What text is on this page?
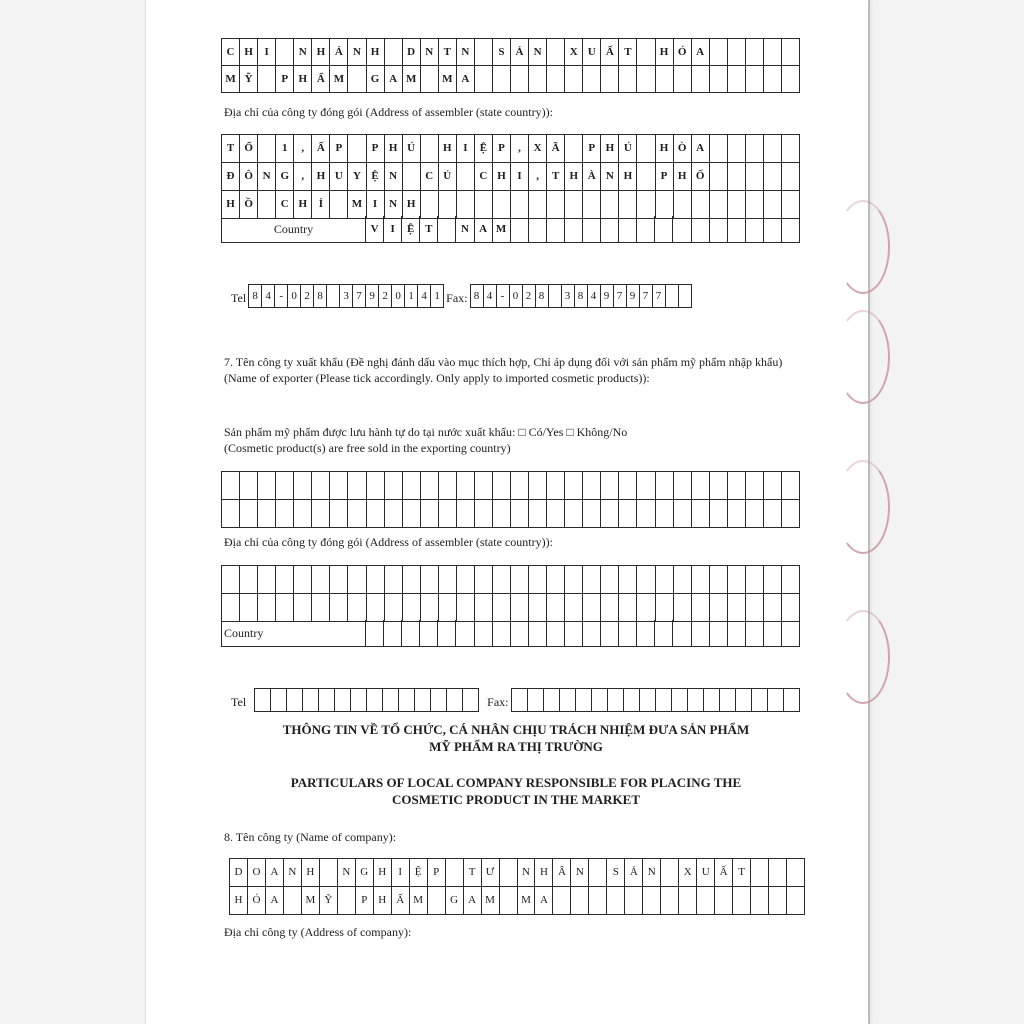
C H	I	N H Á N H	D N T N	S	Ả N	X U Ấ T	H Ó A
M Ỹ	P H Ẩ M	G A M	M A
Địa chỉ của công ty đóng gói (Address of assembler (state country)):
T Ổ	1	,	Ấ P	P H Ú	H	I	Ệ	P	,	X Ã	P H Ú	H Ò A
Đ Ô N G	,	H U Y Ệ N	C Ủ	C H	I	,	T H À N H	P H Ố
H Ồ	C H	Í	M I	N H
Country	V	I	Ệ T	N A M
Tel 8 4 - 0 2 8	3 7 9 2 0 1 4 1 Fax: 8 4 - 0 2 8	3 8 4 9 7 9 7 7
7. Tên công ty xuất khẩu (Đề nghị đánh dấu vào mục thích hợp, Chỉ áp dụng đối với sản phẩm mỹ phẩm nhập khẩu) (Name of exporter (Please tick accordingly. Only apply to imported cosmetic products)):
Sản phẩm mỹ phẩm được lưu hành tự do tại nước xuất khẩu: □ Có/Yes □ Không/No
(Cosmetic product(s) are free sold in the exporting country)
Địa chỉ của công ty đóng gói (Address of assembler (state country)):
Country
Tel	Fax:
THÔNG TIN VỀ TỔ CHỨC, CÁ NHÂN CHỊU TRÁCH NHIỆM ĐƯA SẢN PHẨM
MỸ PHẨM RA THỊ TRƯỜNG
PARTICULARS OF LOCAL COMPANY RESPONSIBLE FOR PLACING THE
COSMETIC PRODUCT IN THE MARKET
8. Tên công ty (Name of company):
D O A N H	N G H	I	Ệ	P	T Ư	N H Â N	S Ả N	X U Ấ T
H Ó A	M Ỹ	P H Ẩ M	G A M	M A
Địa chỉ công ty (Address of company):
